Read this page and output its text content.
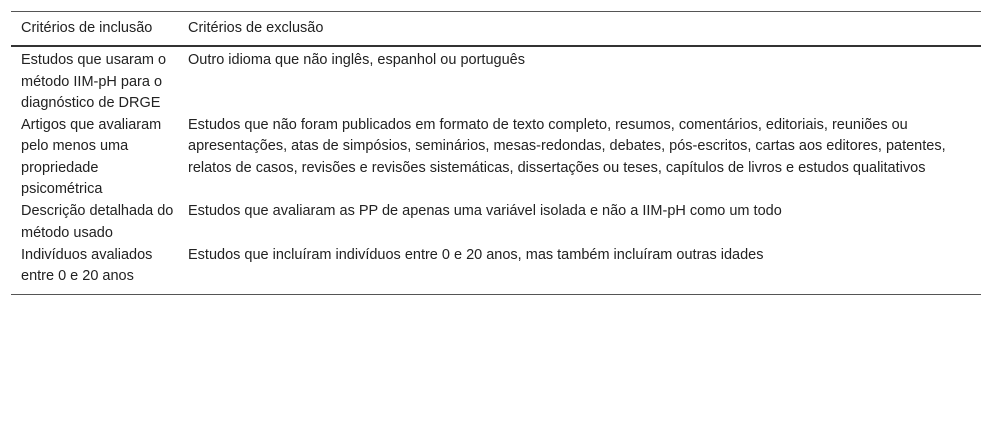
Critérios de inclusão	Critérios de exclusão
Estudos que usaram o método IIM-pH para o diagnóstico de DRGE	Outro idioma que não inglês, espanhol ou português
Artigos que avaliaram pelo menos uma propriedade psicométrica	Estudos que não foram publicados em formato de texto completo, resumos, comentários, editoriais, reuniões ou apresentações, atas de simpósios, seminários, mesas-redondas, debates, pós-escritos, cartas aos editores, patentes, relatos de casos, revisões e revisões sistemáticas, dissertações ou teses, capítulos de livros e estudos qualitativos
Descrição detalhada do método usado	Estudos que avaliaram as PP de apenas uma variável isolada e não a IIM-pH como um todo
Indivíduos avaliados entre 0 e 20 anos	Estudos que incluíram indivíduos entre 0 e 20 anos, mas também incluíram outras idades
